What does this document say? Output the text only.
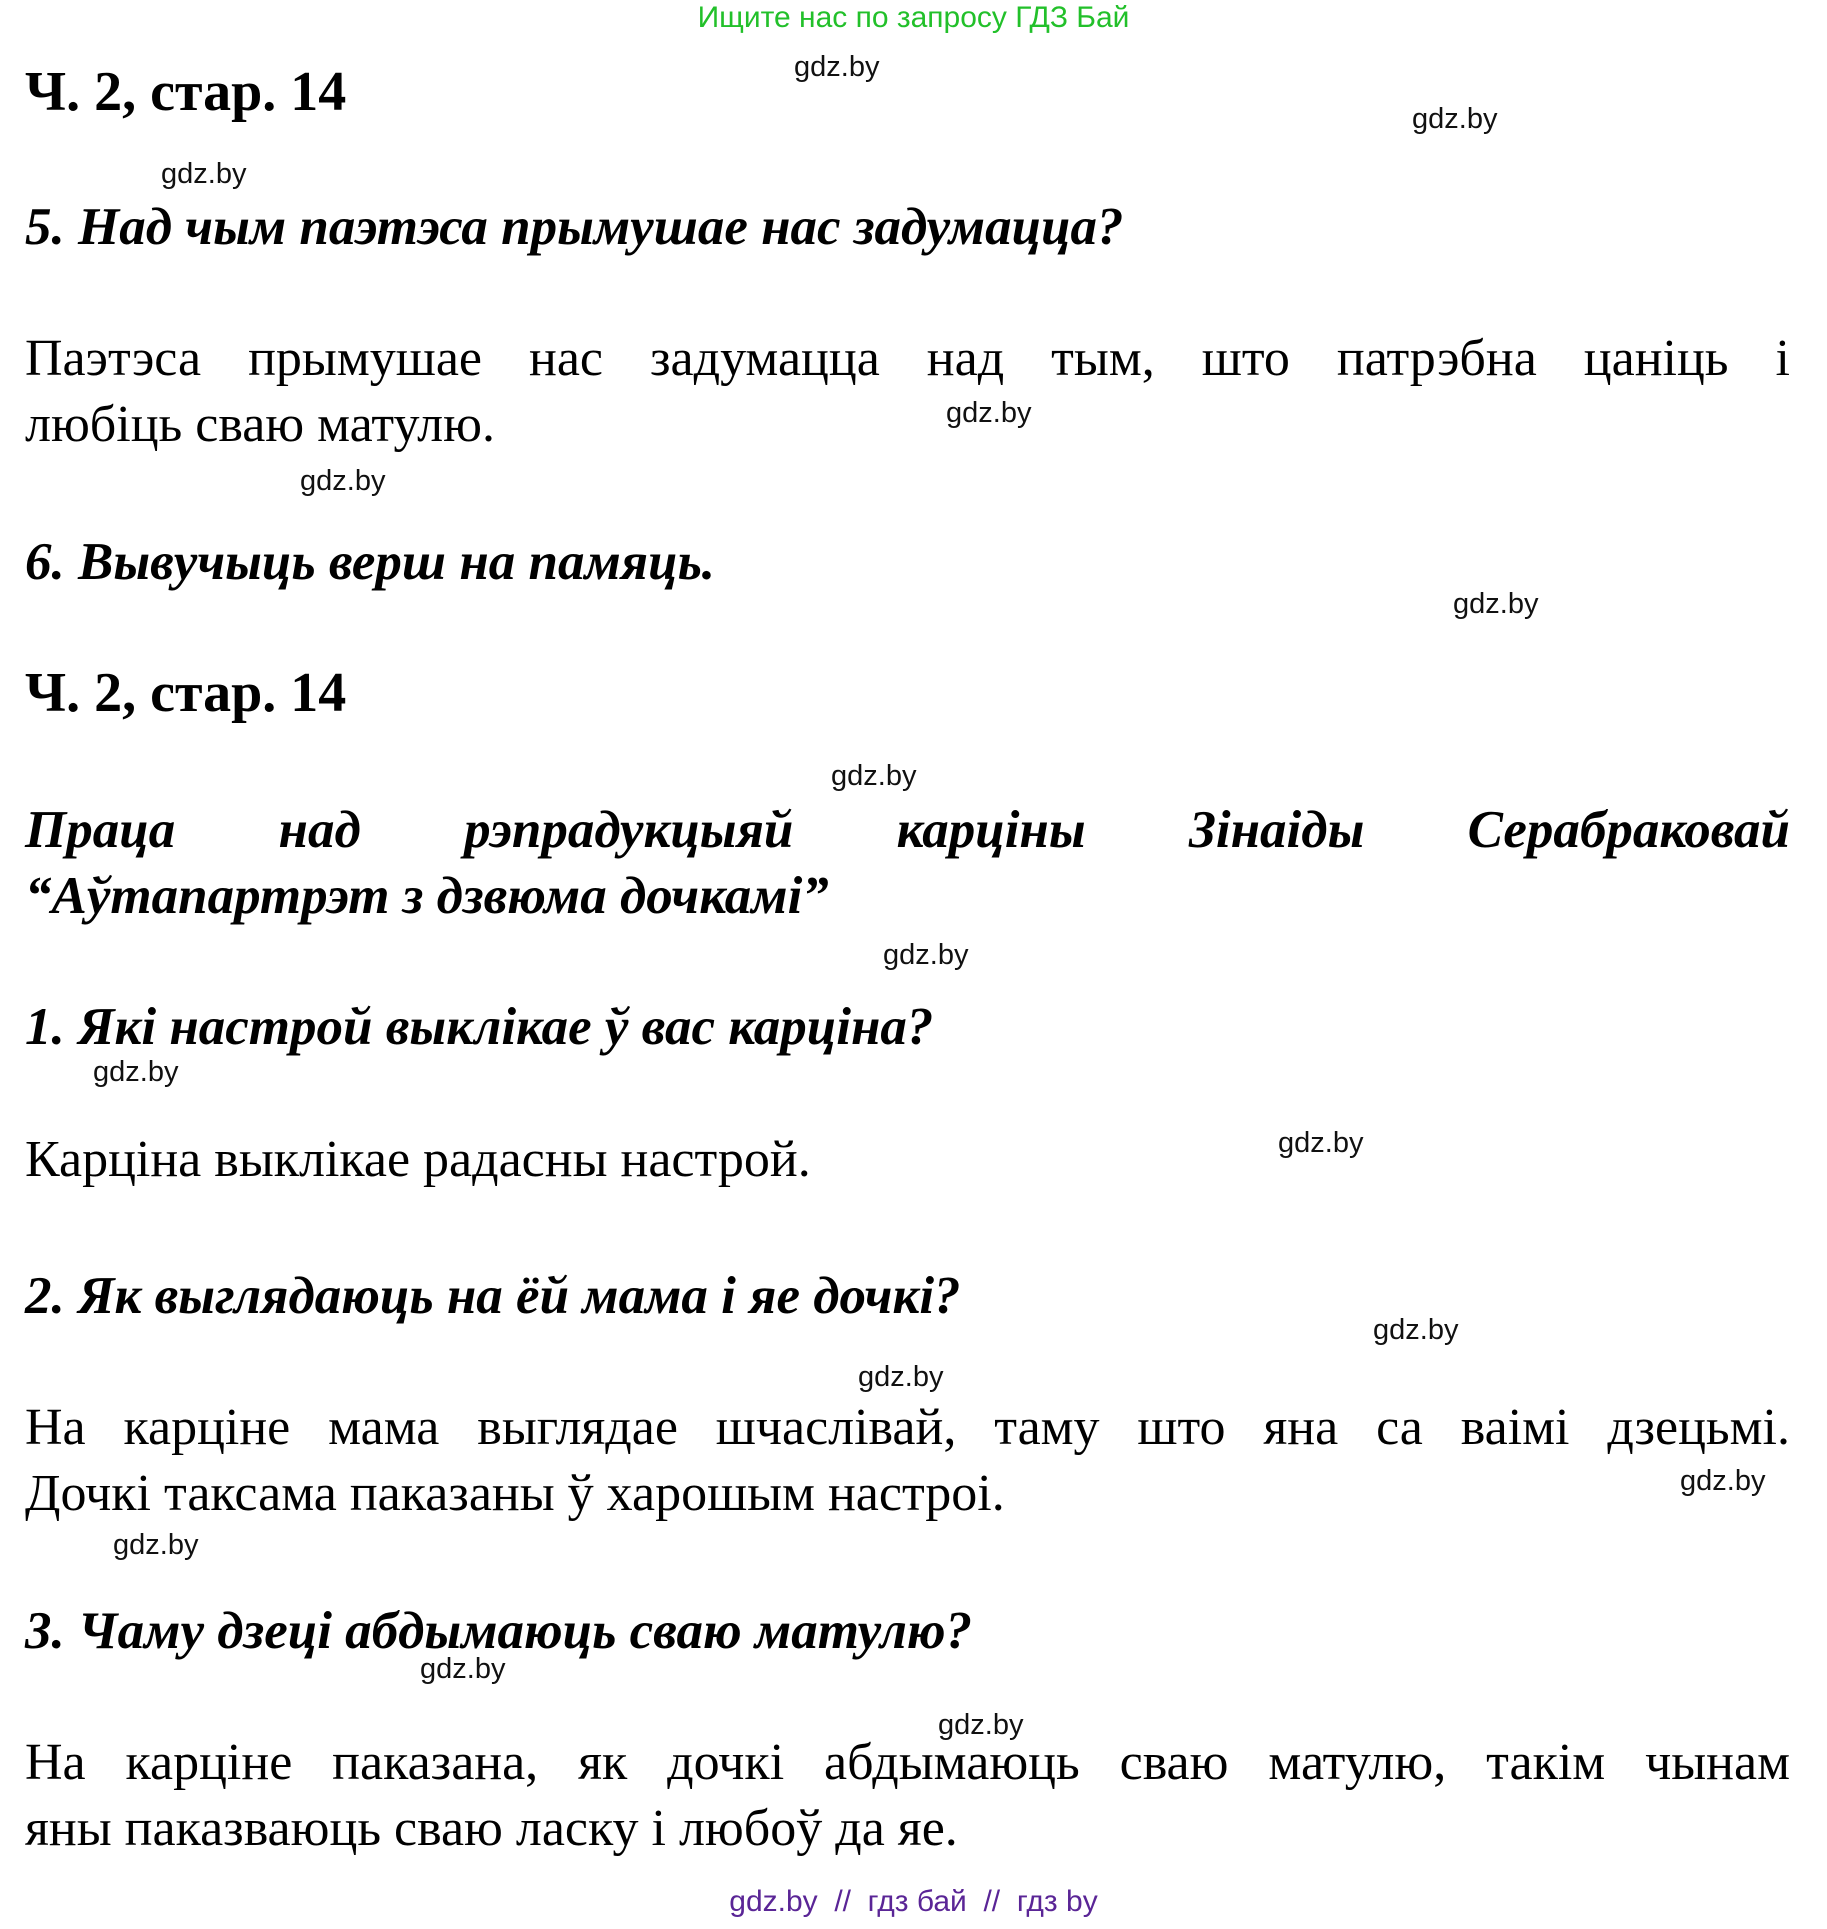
Ищите нас по запросу ГДЗ Бай
Ч. 2, стар. 14
5. Над чым паэтэса прымушае нас задумацца?
Паэтэса прымушае нас задумацца над тым, што патрэбна цаніць і
любіць сваю матулю.
6. Вывучыць верш на памяць.
Ч. 2, стар. 14
Праца над рэпрадукцыяй карціны Зінаіды Серабраковай
“Аўтапартрэт з дзвюма дочкамі”
1. Які настрой выклікае ў вас карціна?
Карціна выклікае радасны настрой.
2. Як выглядаюць на ёй мама і яе дочкі?
На карціне мама выглядае шчаслівай, таму што яна са ваімі дзецьмі.
Дочкі таксама паказаны ў харошым настроі.
3. Чаму дзеці абдымаюць сваю матулю?
На карціне паказана, як дочкі абдымаюць сваю матулю, такім чынам
яны паказваюць сваю ласку і любоў да яе.
gdz.by
gdz.by
gdz.by
gdz.by
gdz.by
gdz.by
gdz.by
gdz.by
gdz.by
gdz.by
gdz.by
gdz.by
gdz.by
gdz.by
gdz.by
gdz.by
gdz.by  //  гдз бай  //  гдз by
